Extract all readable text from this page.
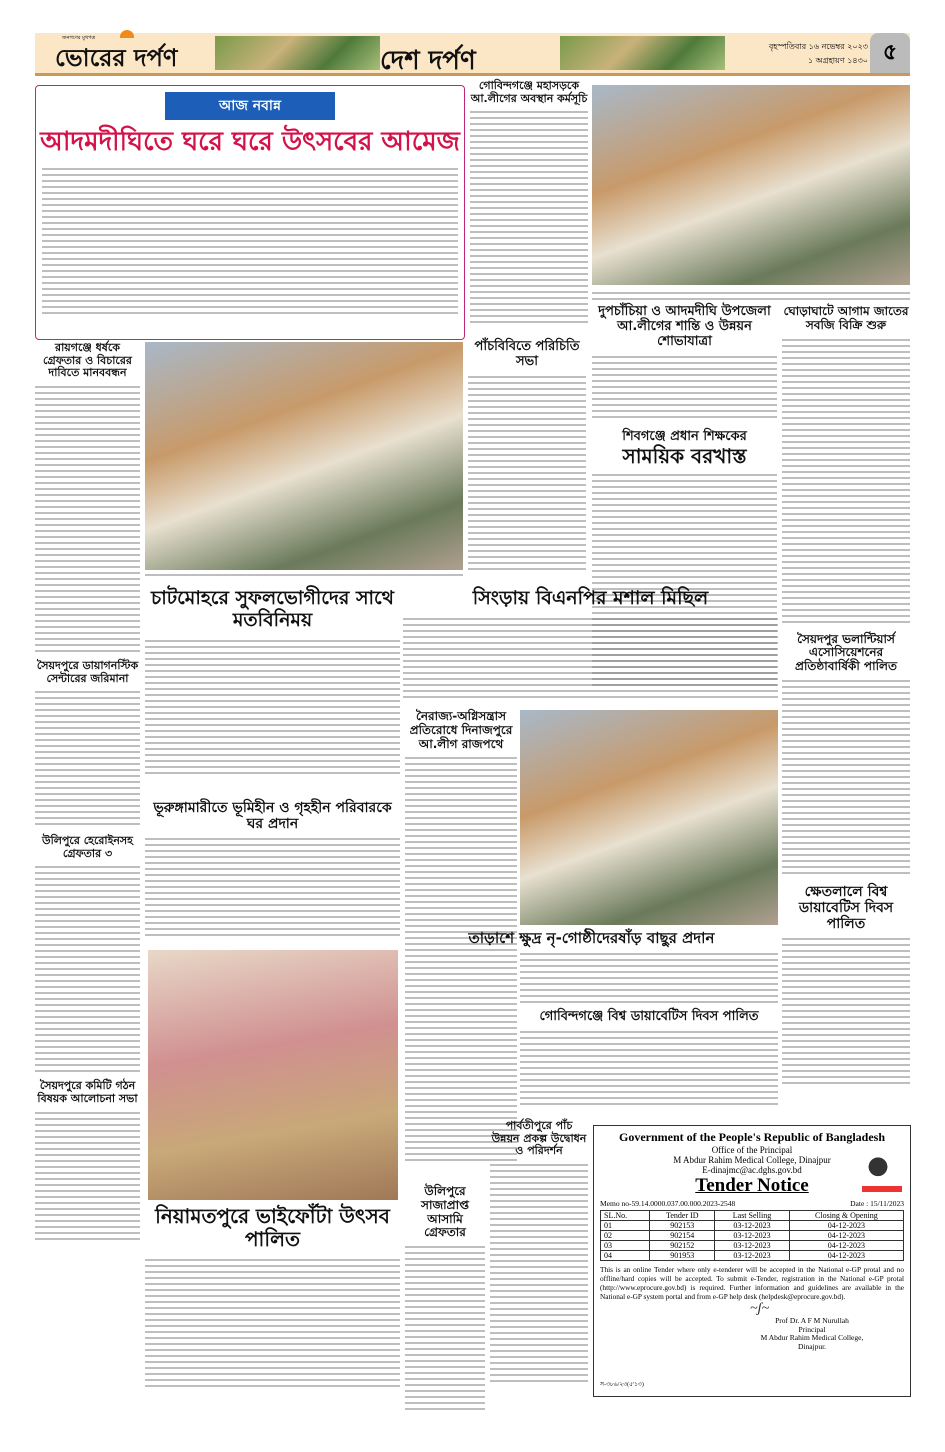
জনগণের মুখপত্র
ভোরের দর্পণ	দেশ দর্পণ	বৃহস্পতিবার ১৬ নভেম্বর ২০২৩
১ অগ্রহায়ণ ১৪৩০ ৫
আজ নবান্ন
আদমদীঘিতে ঘরে ঘরে উৎসবের আমেজ
গোবিন্দগঞ্জে মহাসড়কে আ.লীগের অবস্থান কর্মসূচি
রায়গঞ্জে ধর্ষকে গ্রেফতার ও বিচারের দাবিতে মানববন্ধন
সৈয়দপুরে ডায়াগনস্টিক সেন্টারের জরিমানা
উলিপুরে হেরোইনসহ গ্রেফতার ৩
সৈয়দপুরে কমিটি গঠন বিষয়ক আলোচনা সভা
পাঁচবিবিতে পরিচিতি সভা
দুপচাঁচিয়া ও আদমদীঘি উপজেলা আ.লীগের শান্তি ও উন্নয়ন শোভাযাত্রা
ঘোড়াঘাটে আগাম জাতের সবজি বিক্রি শুরু
সৈয়দপুর ভলান্টিয়ার্স এসোসিয়েশনের প্রতিষ্ঠাবার্ষিকী পালিত
ক্ষেতলালে বিশ্ব ডায়াবেটিস দিবস পালিত
শিবগঞ্জে প্রধান শিক্ষকের
সাময়িক বরখাস্ত
চাটমোহরে সুফলভোগীদের সাথে মতবিনিময়
সিংড়ায় বিএনপির মশাল মিছিল
নৈরাজ্য-অগ্নিসন্ত্রাস প্রতিরোধে দিনাজপুরে আ.লীগ রাজপথে
ভূরুঙ্গামারীতে ভূমিহীন ও গৃহহীন পরিবারকে ঘর প্রদান
নিয়ামতপুরে ভাইফোঁটা উৎসব পালিত
তাড়াশে ক্ষুদ্র নৃ-গোষ্ঠীদেরষাঁড় বাছুর প্রদান
গোবিন্দগঞ্জে বিশ্ব ডায়াবেটিস দিবস পালিত
উলিপুরে সাজাপ্রাপ্ত আসামি গ্রেফতার
পার্বতীপুরে পাঁচ উন্নয়ন প্রকল্প উদ্বোধন ও পরিদর্শন
Government of the People's Republic of Bangladesh
Office of the Principal
M Abdur Rahim Medical College, Dinajpur
E-dinajmc@ac.dghs.gov.bd
Tender Notice
Memo no-59.14.0000.037.00.000.2023-2548	Date : 15/11/2023
SL.No.	Tender ID	Last Selling	Closing & Opening
01	902153	03-12-2023	04-12-2023
02	902154	03-12-2023	04-12-2023
03	902152	03-12-2023	04-12-2023
04	901953	03-12-2023	04-12-2023
This is an online Tender where only e-tenderer will be accepted in the National e-GP protal and no offline/hard copies will be accepted. To submit e-Tender, registration in the National e-GP protal (http://www.eprocure.gov.bd) is required. Further information and guidelines are available in the National e-GP system portal and from e-GP help desk (helpdesk@eprocure.gov.bd).
~ʃ~
Prof Dr. A F M Nurullah
Principal
M Abdur Rahim Medical College,
Dinajpur.
স-৩৮৬/২৩(৫'১৩)
